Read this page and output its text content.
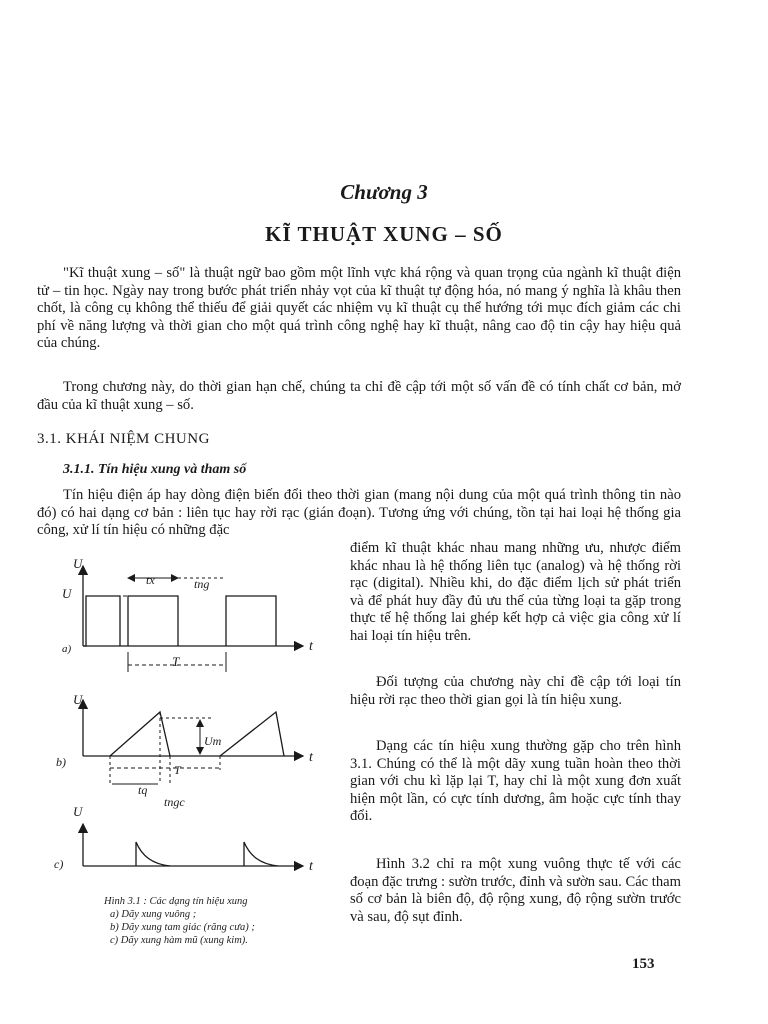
Chương 3
KĨ THUẬT XUNG – SỐ

"Kĩ thuật xung – số" là thuật ngữ bao gồm một lĩnh vực khá rộng và quan trọng của ngành kĩ thuật điện tử – tin học. Ngày nay trong bước phát triển nhảy vọt của kĩ thuật tự động hóa, nó mang ý nghĩa là khâu then chốt, là công cụ không thể thiếu để giải quyết các nhiệm vụ kĩ thuật cụ thể hướng tới mục đích giảm các chi phí về năng lượng và thời gian cho một quá trình công nghệ hay kĩ thuật, nâng cao độ tin cậy hay hiệu quả của chúng.

Trong chương này, do thời gian hạn chế, chúng ta chỉ đề cập tới một số vấn đề có tính chất cơ bản, mở đầu của kĩ thuật xung – số.

3.1. KHÁI NIỆM CHUNG
3.1.1. Tín hiệu xung và tham số

Tín hiệu điện áp hay dòng điện biến đổi theo thời gian (mang nội dung của một quá trình thông tin nào đó) có hai dạng cơ bản : liên tục hay rời rạc (gián đoạn). Tương ứng với chúng, tồn tại hai loại hệ thống gia công, xử lí tín hiệu có những đặc

điểm kĩ thuật khác nhau mang những ưu, nhược điểm khác nhau là hệ thống liên tục (analog) và hệ thống rời rạc (digital). Nhiều khi, do đặc điểm lịch sử phát triển và để phát huy đầy đủ ưu thế của từng loại ta gặp trong thực tế hệ thống lai ghép kết hợp cả việc gia công xử lí hai loại tín hiệu trên.

Đối tượng của chương này chỉ đề cập tới loại tín hiệu rời rạc theo thời gian gọi là tín hiệu xung.

Dạng các tín hiệu xung thường gặp cho trên hình 3.1. Chúng có thể là một dãy xung tuần hoàn theo thời gian với chu kì lặp lại T, hay chỉ là một xung đơn xuất hiện một lần, có cực tính dương, âm hoặc cực tính thay đổi.

Hình 3.2 chỉ ra một xung vuông thực tế với các đoạn đặc trưng : sườn trước, đỉnh và sườn sau. Các tham số cơ bản là biên độ, độ rộng xung, độ rộng sườn trước và sau, độ sụt đỉnh.

U
U
tx	tng
T
t
a)
U
Um
T
tq
tngc
t
b)
U
t
c)
Hình 3.1 : Các dạng tín hiệu xung
a) Dãy xung vuông ;
b) Dãy xung tam giác (răng cưa) ;
c) Dãy xung hàm mũ (xung kim).
153
